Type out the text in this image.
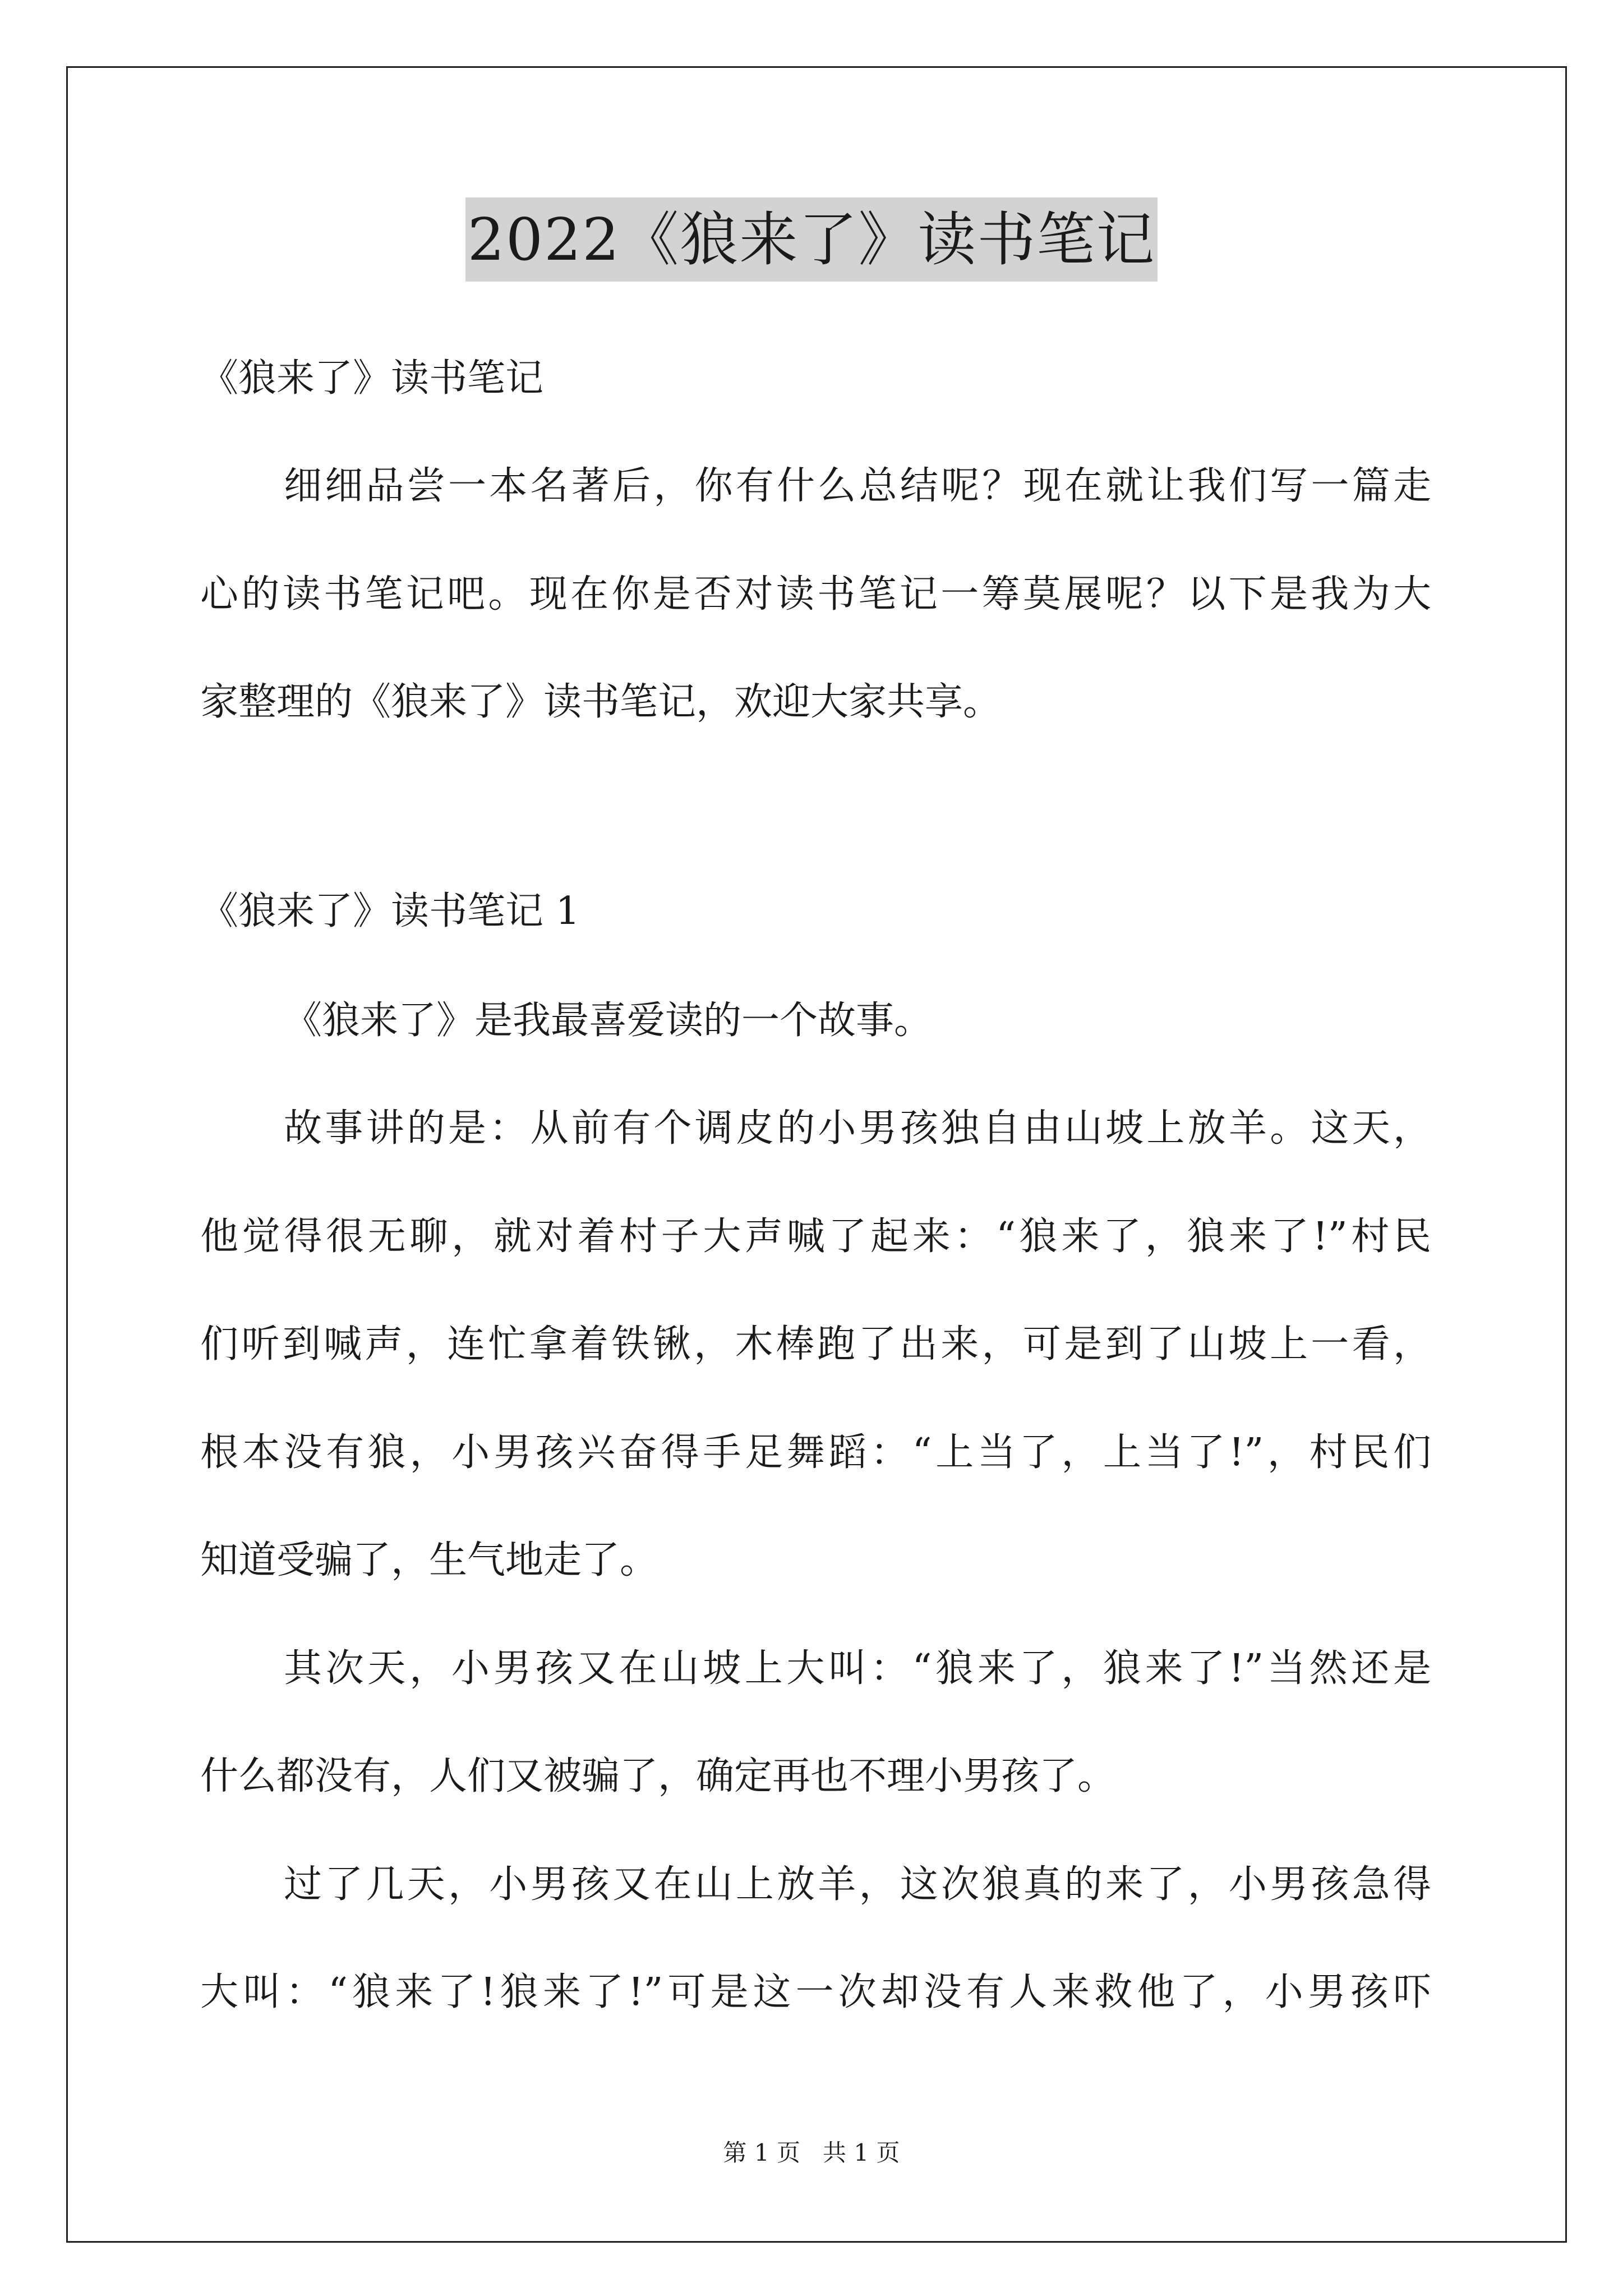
2022《狼来了》读书笔记
《狼来了》读书笔记
细细品尝一本名著后，你有什么总结呢？现在就让我们写一篇走
心的读书笔记吧。现在你是否对读书笔记一筹莫展呢？以下是我为大
家整理的《狼来了》读书笔记，欢迎大家共享。
《狼来了》读书笔记 1
《狼来了》是我最喜爱读的一个故事。
故事讲的是：从前有个调皮的小男孩独自由山坡上放羊。这天，
他觉得很无聊，就对着村子大声喊了起来：“狼来了，狼来了!”村民
们听到喊声，连忙拿着铁锹，木棒跑了出来，可是到了山坡上一看，
根本没有狼，小男孩兴奋得手足舞蹈：“上当了，上当了!”，村民们
知道受骗了，生气地走了。
其次天，小男孩又在山坡上大叫：“狼来了，狼来了!”当然还是
什么都没有，人们又被骗了，确定再也不理小男孩了。
过了几天，小男孩又在山上放羊，这次狼真的来了，小男孩急得
大叫：“狼来了!狼来了!”可是这一次却没有人来救他了，小男孩吓
第 1 页   共 1 页
